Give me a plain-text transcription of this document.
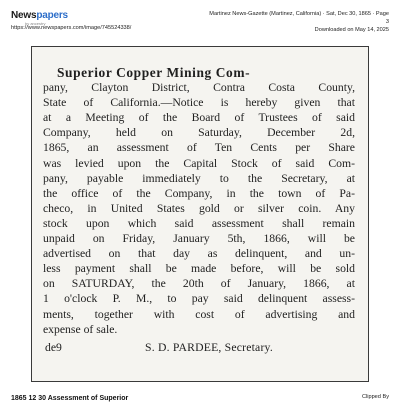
Newspapers
by ancestry
https://www.newspapers.com/image/745524338/
Martinez News-Gazette (Martinez, California) · Sat, Dec 30, 1865 · Page
3
Downloaded on May 14, 2025
Superior Copper Mining Com-
pany, Clayton District, Contra Costa County,
State of California.—Notice is hereby given that
at a Meeting of the Board of Trustees of said
Company, held on Saturday, December 2d,
1865, an assessment of Ten Cents per Share
was levied upon the Capital Stock of said Com-
pany, payable immediately to the Secretary, at
the office of the Company, in the town of Pa-
checo, in United States gold or silver coin. Any
stock upon which said assessment shall remain
unpaid on Friday, January 5th, 1866, will be
advertised on that day as delinquent, and un-
less payment shall be made before, will be sold
on SATURDAY, the 20th of January, 1866, at
1 o'clock P. M., to pay said delinquent assess-
ments, together with cost of advertising and
expense of sale.
de9	S. D. PARDEE, Secretary.
1865 12 30 Assessment of Superior	Clipped By
